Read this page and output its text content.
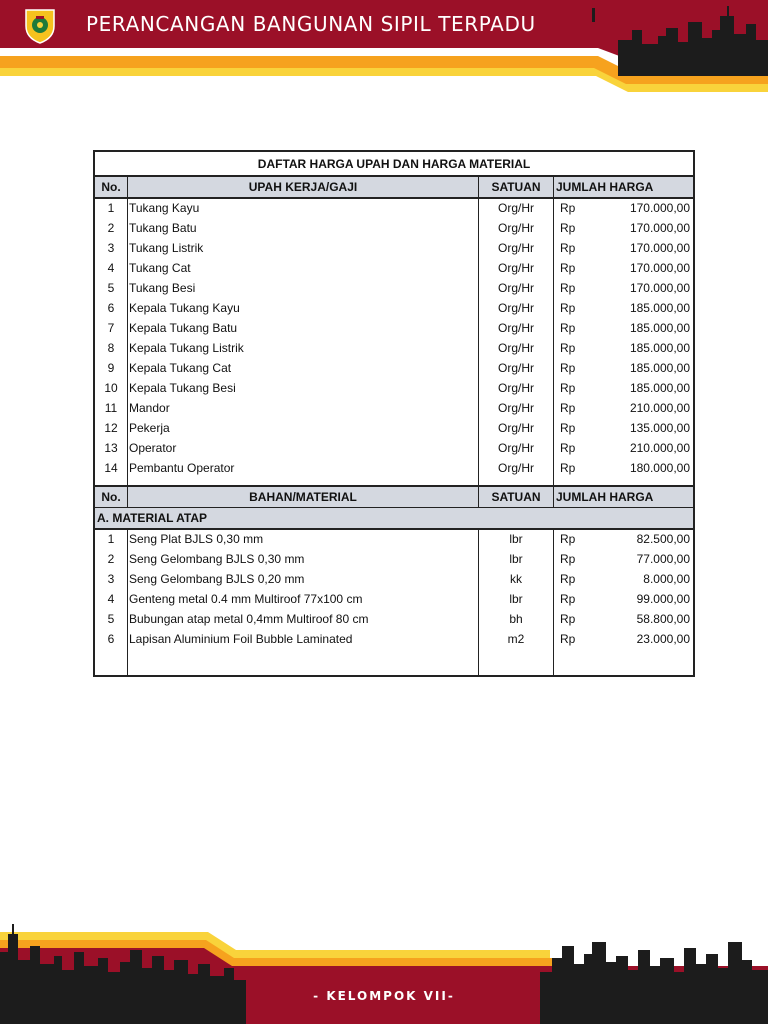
PERANCANGAN BANGUNAN SIPIL TERPADU
DAFTAR HARGA UPAH DAN HARGA MATERIAL
No.	UPAH KERJA/GAJI	SATUAN	JUMLAH HARGA
1	Tukang Kayu	Org/Hr	Rp	170.000,00
2	Tukang Batu	Org/Hr	Rp	170.000,00
3	Tukang Listrik	Org/Hr	Rp	170.000,00
4	Tukang Cat	Org/Hr	Rp	170.000,00
5	Tukang Besi	Org/Hr	Rp	170.000,00
6	Kepala Tukang Kayu	Org/Hr	Rp	185.000,00
7	Kepala Tukang Batu	Org/Hr	Rp	185.000,00
8	Kepala Tukang Listrik	Org/Hr	Rp	185.000,00
9	Kepala Tukang Cat	Org/Hr	Rp	185.000,00
10 Kepala Tukang Besi	Org/Hr	Rp	185.000,00
11 Mandor	Org/Hr	Rp	210.000,00
12 Pekerja	Org/Hr	Rp	135.000,00
13 Operator	Org/Hr	Rp	210.000,00
14 Pembantu Operator	Org/Hr	Rp	180.000,00
No.	BAHAN/MATERIAL	SATUAN	JUMLAH HARGA
A. MATERIAL ATAP
1	Seng Plat BJLS 0,30 mm	lbr	Rp	82.500,00
2	Seng Gelombang BJLS 0,30 mm	lbr	Rp	77.000,00
3	Seng Gelombang BJLS 0,20 mm	kk	Rp	8.000,00
4	Genteng metal 0.4 mm Multiroof 77x100 cm	lbr	Rp	99.000,00
5	Bubungan atap metal 0,4mm Multiroof 80 cm	bh	Rp	58.800,00
6	Lapisan Aluminium Foil Bubble Laminated	m2	Rp	23.000,00
- KELOMPOK VII-
